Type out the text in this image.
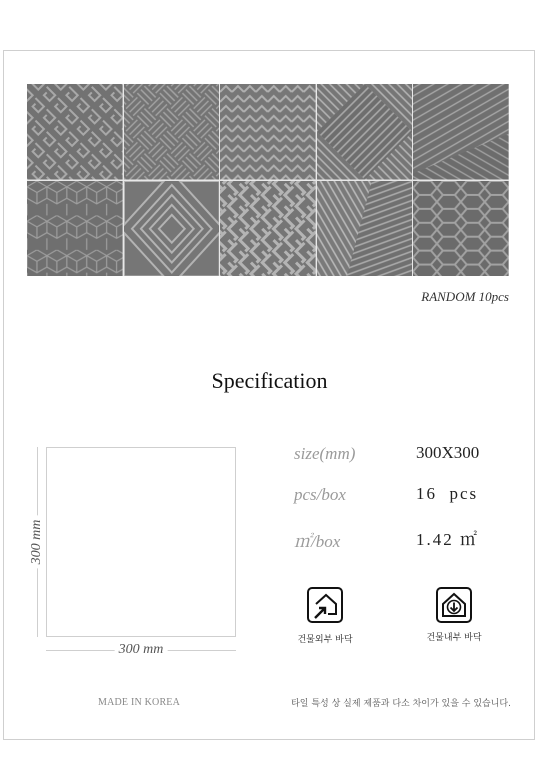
RANDOM 10pcs
Specification
300 mm
300 mm
size(mm)	300X300
pcs/box	16  pcs
㎡/box	1.42 ㎡
건물외부 바닥	건물내부 바닥
MADE IN KOREA	타일 특성 상 실제 제품과 다소 차이가 있을 수 있습니다.
